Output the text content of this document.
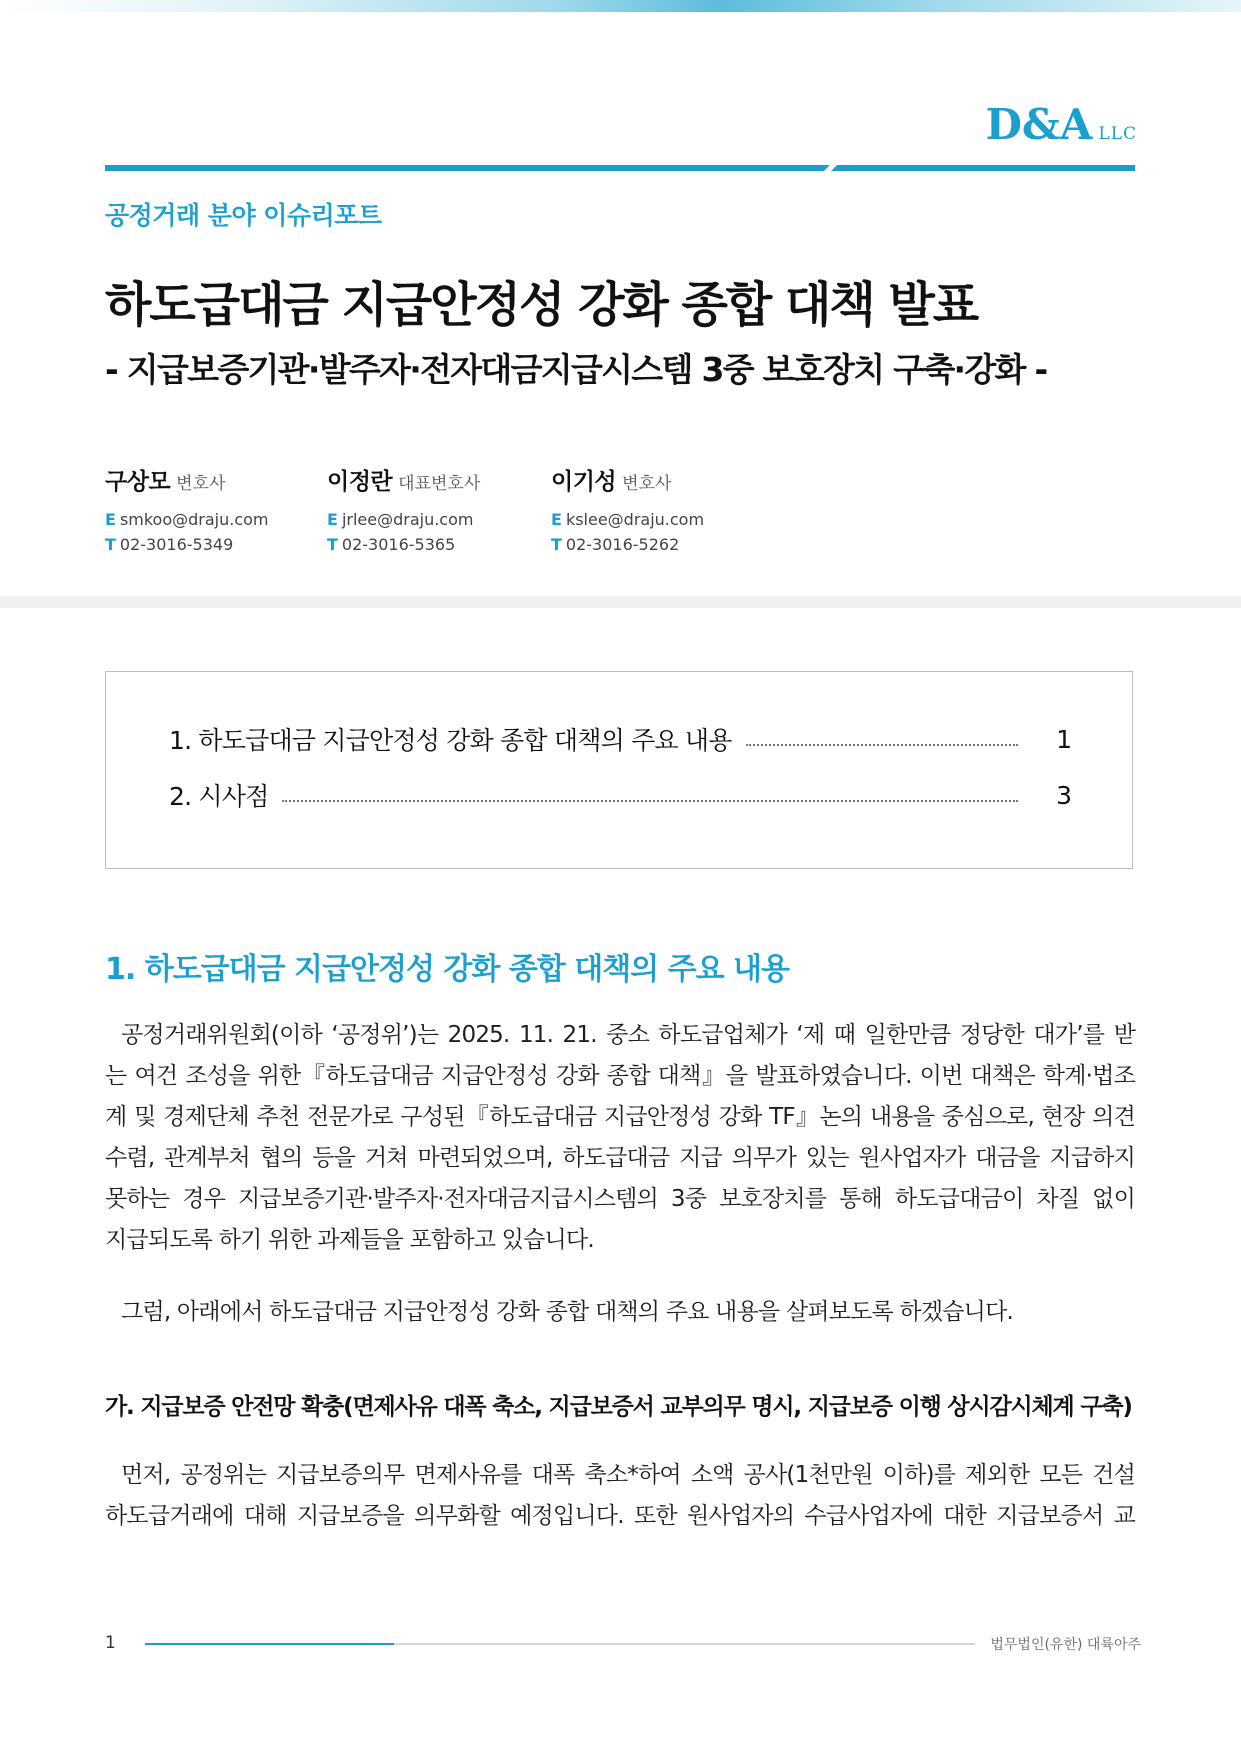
D&A LLC
공정거래 분야 이슈리포트
하도급대금 지급안정성 강화 종합 대책 발표
- 지급보증기관·발주자·전자대금지급시스템 3중 보호장치 구축·강화 -
구상모 변호사
E smkoo@draju.com
T 02-3016-5349
이정란 대표변호사
E jrlee@draju.com
T 02-3016-5365
이기성 변호사
E kslee@draju.com
T 02-3016-5262
1. 하도급대금 지급안정성 강화 종합 대책의 주요 내용	1
2. 시사점	3
1. 하도급대금 지급안정성 강화 종합 대책의 주요 내용
공정거래위원회(이하 ‘공정위’)는 2025. 11. 21. 중소 하도급업체가 ‘제 때 일한만큼 정당한 대가’를 받
는 여건 조성을 위한『하도급대금 지급안정성 강화 종합 대책』을 발표하였습니다. 이번 대책은 학계·법조
계 및 경제단체 추천 전문가로 구성된『하도급대금 지급안정성 강화 TF』논의 내용을 중심으로, 현장 의견
수렴, 관계부처 협의 등을 거쳐 마련되었으며, 하도급대금 지급 의무가 있는 원사업자가 대금을 지급하지
못하는 경우 지급보증기관·발주자·전자대금지급시스템의 3중 보호장치를 통해 하도급대금이 차질 없이
지급되도록 하기 위한 과제들을 포함하고 있습니다.
그럼, 아래에서 하도급대금 지급안정성 강화 종합 대책의 주요 내용을 살펴보도록 하겠습니다.
가. 지급보증 안전망 확충(면제사유 대폭 축소, 지급보증서 교부의무 명시, 지급보증 이행 상시감시체계 구축)
먼저, 공정위는 지급보증의무 면제사유를 대폭 축소*하여 소액 공사(1천만원 이하)를 제외한 모든 건설
하도급거래에 대해 지급보증을 의무화할 예정입니다. 또한 원사업자의 수급사업자에 대한 지급보증서 교
1	법무법인(유한) 대륙아주
